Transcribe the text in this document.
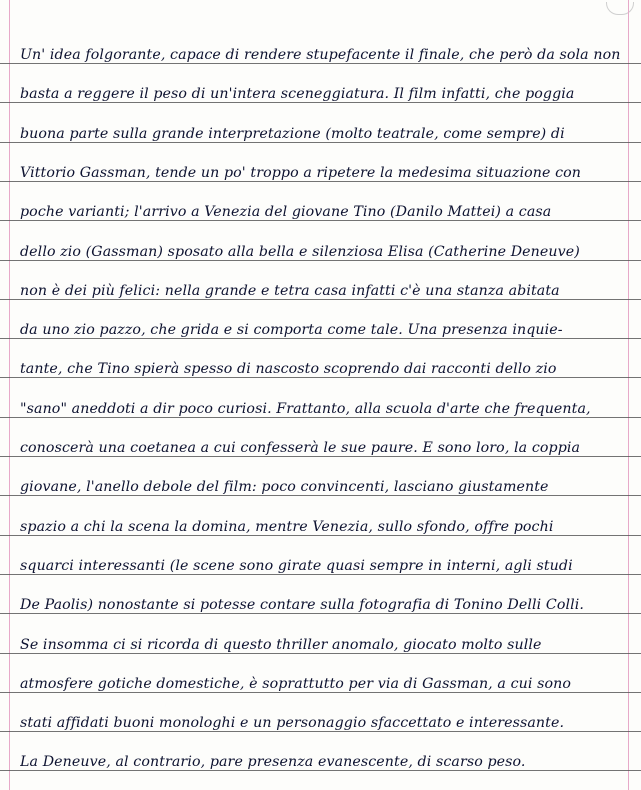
Un' idea folgorante, capace di rendere stupefacente il finale, che però da sola non
basta a reggere il peso di un'intera sceneggiatura. Il film infatti, che poggia
buona parte sulla grande interpretazione (molto teatrale, come sempre) di
Vittorio Gassman, tende un po' troppo a ripetere la medesima situazione con
poche varianti; l'arrivo a Venezia del giovane Tino (Danilo Mattei) a casa
dello zio (Gassman) sposato alla bella e silenziosa Elisa (Catherine Deneuve)
non è dei più felici: nella grande e tetra casa infatti c'è una stanza abitata
da uno zio pazzo, che grida e si comporta come tale. Una presenza inquie-
tante, che Tino spierà spesso di nascosto scoprendo dai racconti dello zio
"sano" aneddoti a dir poco curiosi. Frattanto, alla scuola d'arte che frequenta,
conoscerà una coetanea a cui confesserà le sue paure. E sono loro, la coppia
giovane, l'anello debole del film: poco convincenti, lasciano giustamente
spazio a chi la scena la domina, mentre Venezia, sullo sfondo, offre pochi
squarci interessanti (le scene sono girate quasi sempre in interni, agli studi
De Paolis) nonostante si potesse contare sulla fotografia di Tonino Delli Colli.
Se insomma ci si ricorda di questo thriller anomalo, giocato molto sulle
atmosfere gotiche domestiche, è soprattutto per via di Gassman, a cui sono
stati affidati buoni monologhi e un personaggio sfaccettato e interessante.
La Deneuve, al contrario, pare presenza evanescente, di scarso peso.
